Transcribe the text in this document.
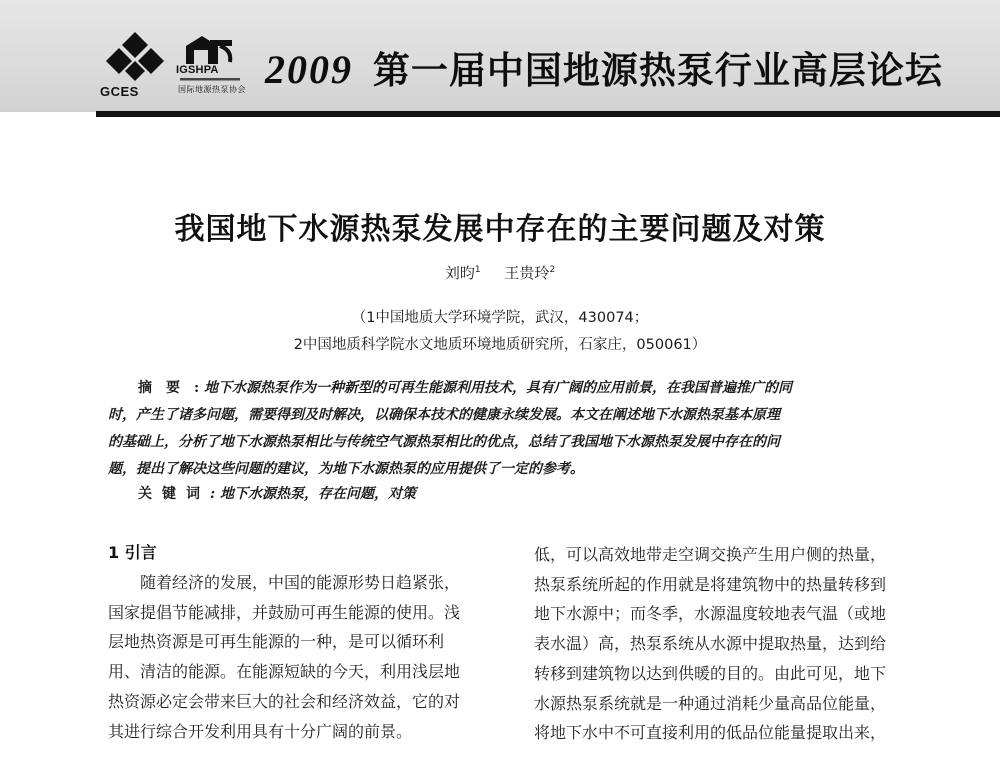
GCES
IGSHPA
国际地源热泵协会 2009 第一届中国地源热泵行业高层论坛
我国地下水源热泵发展中存在的主要问题及对策
刘昀$^1$ 王贵玲$^2$
（1中国地质大学环境学院，武汉，430074；
2中国地质科学院水文地质环境地质研究所，石家庄，050061）
摘要: 地下水源热泵作为一种新型的可再生能源利用技术，具有广阔的应用前景，在我国普遍推广的同
时，产生了诸多问题，需要得到及时解决，以确保本技术的健康永续发展。本文在阐述地下水源热泵基本原理
的基础上，分析了地下水源热泵相比与传统空气源热泵相比的优点，总结了我国地下水源热泵发展中存在的问
题，提出了解决这些问题的建议，为地下水源热泵的应用提供了一定的参考。
关键词: 地下水源热泵，存在问题，对策
1 引言
随着经济的发展，中国的能源形势日趋紧张，
国家提倡节能减排，并鼓励可再生能源的使用。浅
层地热资源是可再生能源的一种，是可以循环利
用、清洁的能源。在能源短缺的今天，利用浅层地
热资源必定会带来巨大的社会和经济效益，它的对
其进行综合开发利用具有十分广阔的前景。
低，可以高效地带走空调交换产生用户侧的热量，
热泵系统所起的作用就是将建筑物中的热量转移到
地下水源中；而冬季，水源温度较地表气温（或地
表水温）高，热泵系统从水源中提取热量，达到给
转移到建筑物以达到供暖的目的。由此可见，地下
水源热泵系统就是一种通过消耗少量高品位能量，
将地下水中不可直接利用的低品位能量提取出来，
